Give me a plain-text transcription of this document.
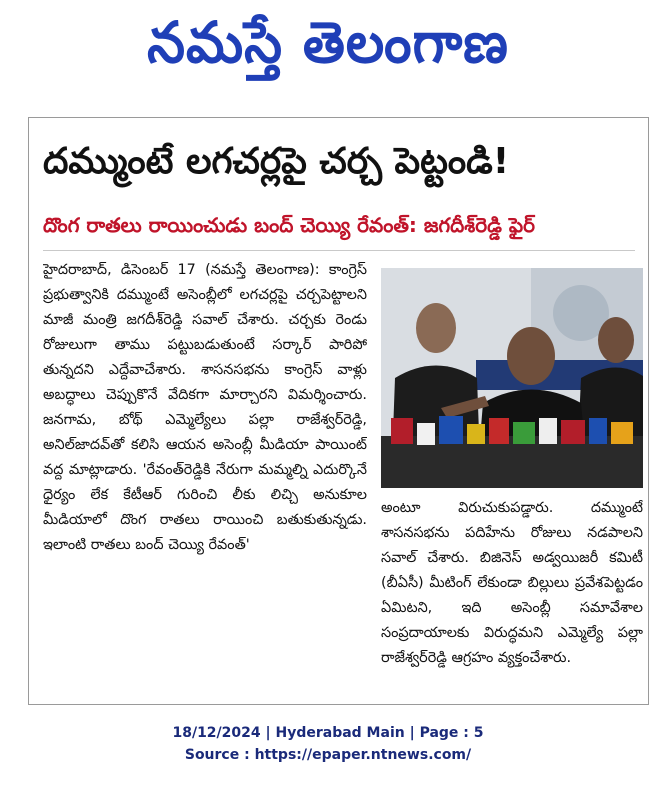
నమస్తే తెలంగాణ
దమ్ముంటే లగచర్లపై చర్చ పెట్టండి!
దొంగ రాతలు రాయించుడు బంద్ చెయ్యి రేవంత్: జగదీశ్‌రెడ్డి ఫైర్

హైదరాబాద్, డిసెంబర్ 17 (నమస్తే తెలంగాణ): కాంగ్రెస్ ప్రభుత్వానికి దమ్ముంటే అసెంబ్లీలో లగచర్లపై చర్చపెట్టాలని మాజీ మంత్రి జగదీశ్‌రెడ్డి సవాల్ చేశారు. చర్చకు రెండు రోజులుగా తాము పట్టుబడుతుంటే సర్కార్ పారిపో తున్నదని ఎద్దేవాచేశారు. శాసనసభను కాంగ్రెస్ వాళ్లు అబద్ధాలు చెప్పుకొనే వేదికగా మార్చారని విమర్శించారు. జనగామ, బోథ్ ఎమ్మెల్యేలు పల్లా రాజేశ్వర్‌రెడ్డి, అనిల్‌జాదవ్‌తో కలిసి ఆయన అసెంబ్లీ మీడియా పాయింట్ వద్ద మాట్లాడారు. 'రేవంత్‌రెడ్డికి నేరుగా మమ్మల్ని ఎదుర్కొనే ధైర్యం లేక కేటీఆర్ గురించి లీకు లిచ్చి అనుకూల మీడియాలో దొంగ రాతలు రాయించి బతుకుతున్నడు. ఇలాంటి రాతలు బంద్ చెయ్యి రేవంత్'

అంటూ విరుచుకుపడ్డారు. దమ్ముంటే శాసనసభను పదిహేను రోజులు నడపాలని సవాల్ చేశారు. బిజినెస్ అడ్వయిజరీ కమిటీ (బీఏసీ) మీటింగ్ లేకుండా బిల్లులు ప్రవేశపెట్టడం ఏమిటని, ఇది అసెంబ్లీ సమావేశాల సంప్రదాయాలకు విరుద్ధమని ఎమ్మెల్యే పల్లా రాజేశ్వర్‌రెడ్డి ఆగ్రహం వ్యక్తంచేశారు.

18/12/2024 | Hyderabad Main | Page : 5
Source : https://epaper.ntnews.com/
